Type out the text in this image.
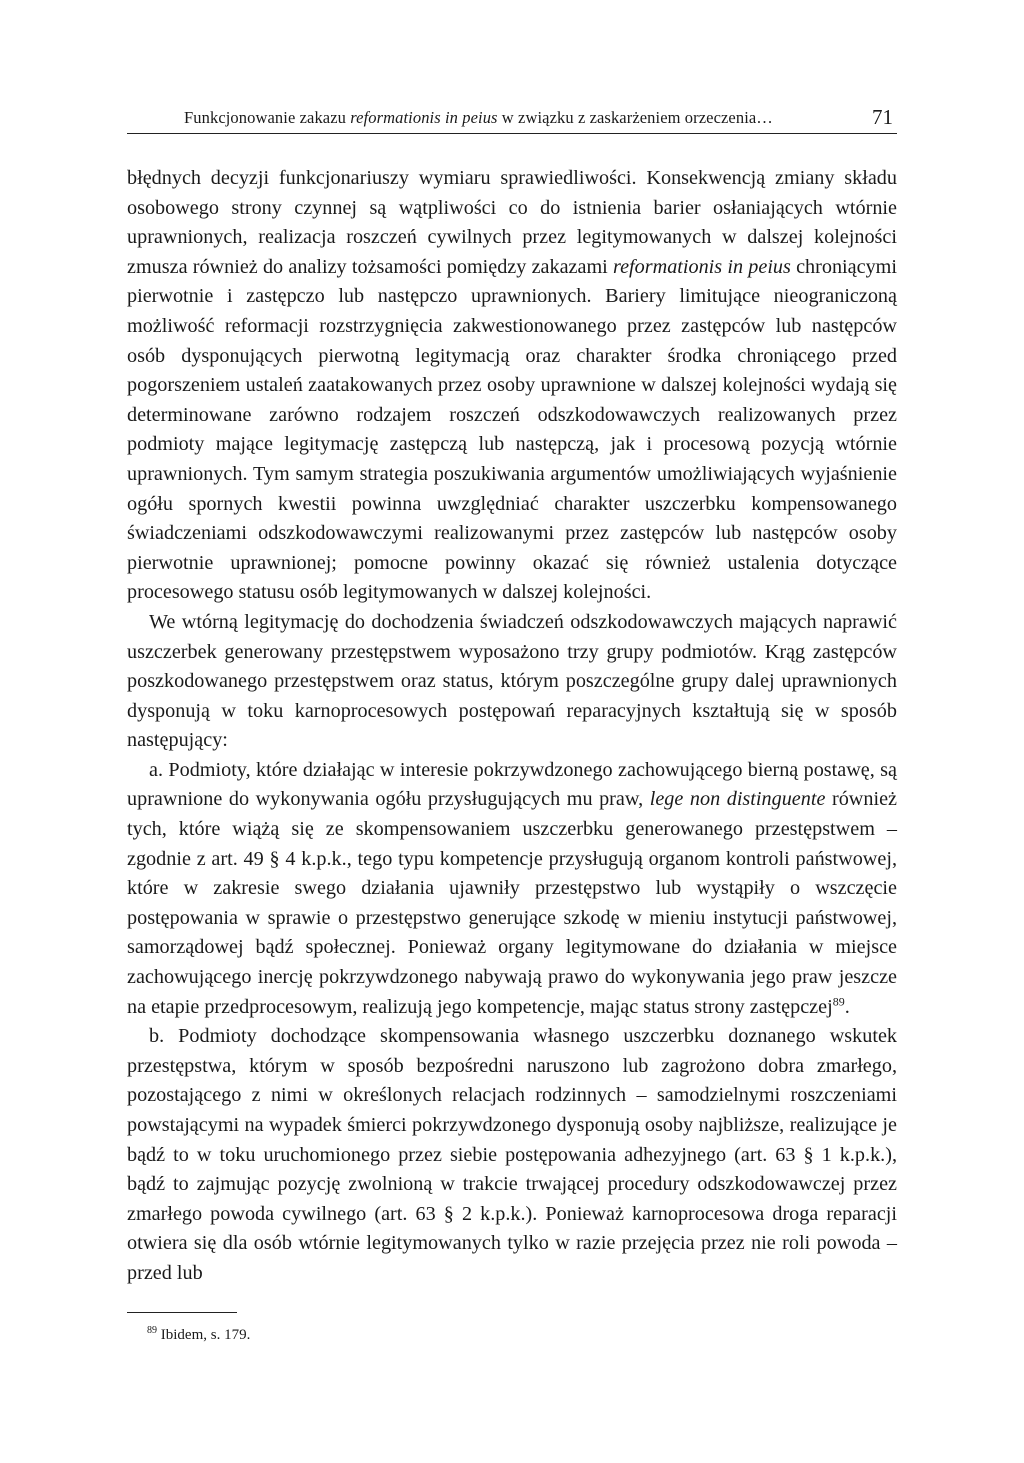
Funkcjonowanie zakazu reformationis in peius w związku z zaskarżeniem orzeczenia…	71

błędnych decyzji funkcjonariuszy wymiaru sprawiedliwości. Konsekwencją zmiany składu osobowego strony czynnej są wątpliwości co do istnienia barier osłaniających wtórnie uprawnionych, realizacja roszczeń cywilnych przez legitymowanych w dalszej kolejności zmusza również do analizy tożsamości pomiędzy zakazami reformationis in peius chroniącymi pierwotnie i zastępczo lub następczo uprawnionych. Bariery limitujące nieograniczoną możliwość reformacji rozstrzygnięcia zakwestionowanego przez zastępców lub następców osób dysponujących pierwotną legitymacją oraz charakter środka chroniącego przed pogorszeniem ustaleń zaatakowanych przez osoby uprawnione w dalszej kolejności wydają się determinowane zarówno rodzajem roszczeń odszkodowawczych realizowanych przez podmioty mające legitymację zastępczą lub następczą, jak i procesową pozycją wtórnie uprawnionych. Tym samym strategia poszukiwania argumentów umożliwiających wyjaśnienie ogółu spornych kwestii powinna uwzględniać charakter uszczerbku kompensowanego świadczeniami odszkodowawczymi realizowanymi przez zastępców lub następców osoby pierwotnie uprawnionej; pomocne powinny okazać się również ustalenia dotyczące procesowego statusu osób legitymowanych w dalszej kolejności.

We wtórną legitymację do dochodzenia świadczeń odszkodowawczych mających naprawić uszczerbek generowany przestępstwem wyposażono trzy grupy podmiotów. Krąg zastępców poszkodowanego przestępstwem oraz status, którym poszczególne grupy dalej uprawnionych dysponują w toku karnoprocesowych postępowań reparacyjnych kształtują się w sposób następujący:

a. Podmioty, które działając w interesie pokrzywdzonego zachowującego bierną postawę, są uprawnione do wykonywania ogółu przysługujących mu praw, lege non distinguente również tych, które wiążą się ze skompensowaniem uszczerbku generowanego przestępstwem – zgodnie z art. 49 § 4 k.p.k., tego typu kompetencje przysługują organom kontroli państwowej, które w zakresie swego działania ujawniły przestępstwo lub wystąpiły o wszczęcie postępowania w sprawie o przestępstwo generujące szkodę w mieniu instytucji państwowej, samorządowej bądź społecznej. Ponieważ organy legitymowane do działania w miejsce zachowującego inercję pokrzywdzonego nabywają prawo do wykonywania jego praw jeszcze na etapie przedprocesowym, realizują jego kompetencje, mając status strony zastępczej$^{89}$.

b. Podmioty dochodzące skompensowania własnego uszczerbku doznanego wskutek przestępstwa, którym w sposób bezpośredni naruszono lub zagrożono dobra zmarłego, pozostającego z nimi w określonych relacjach rodzinnych – samodzielnymi roszczeniami powstającymi na wypadek śmierci pokrzywdzonego dysponują osoby najbliższe, realizujące je bądź to w toku uruchomionego przez siebie postępowania adhezyjnego (art. 63 § 1 k.p.k.), bądź to zajmując pozycję zwolnioną w trakcie trwającej procedury odszkodowawczej przez zmarłego powoda cywilnego (art. 63 § 2 k.p.k.). Ponieważ karnoprocesowa droga reparacji otwiera się dla osób wtórnie legitymowanych tylko w razie przejęcia przez nie roli powoda – przed lub

$^{89}$ Ibidem, s. 179.
